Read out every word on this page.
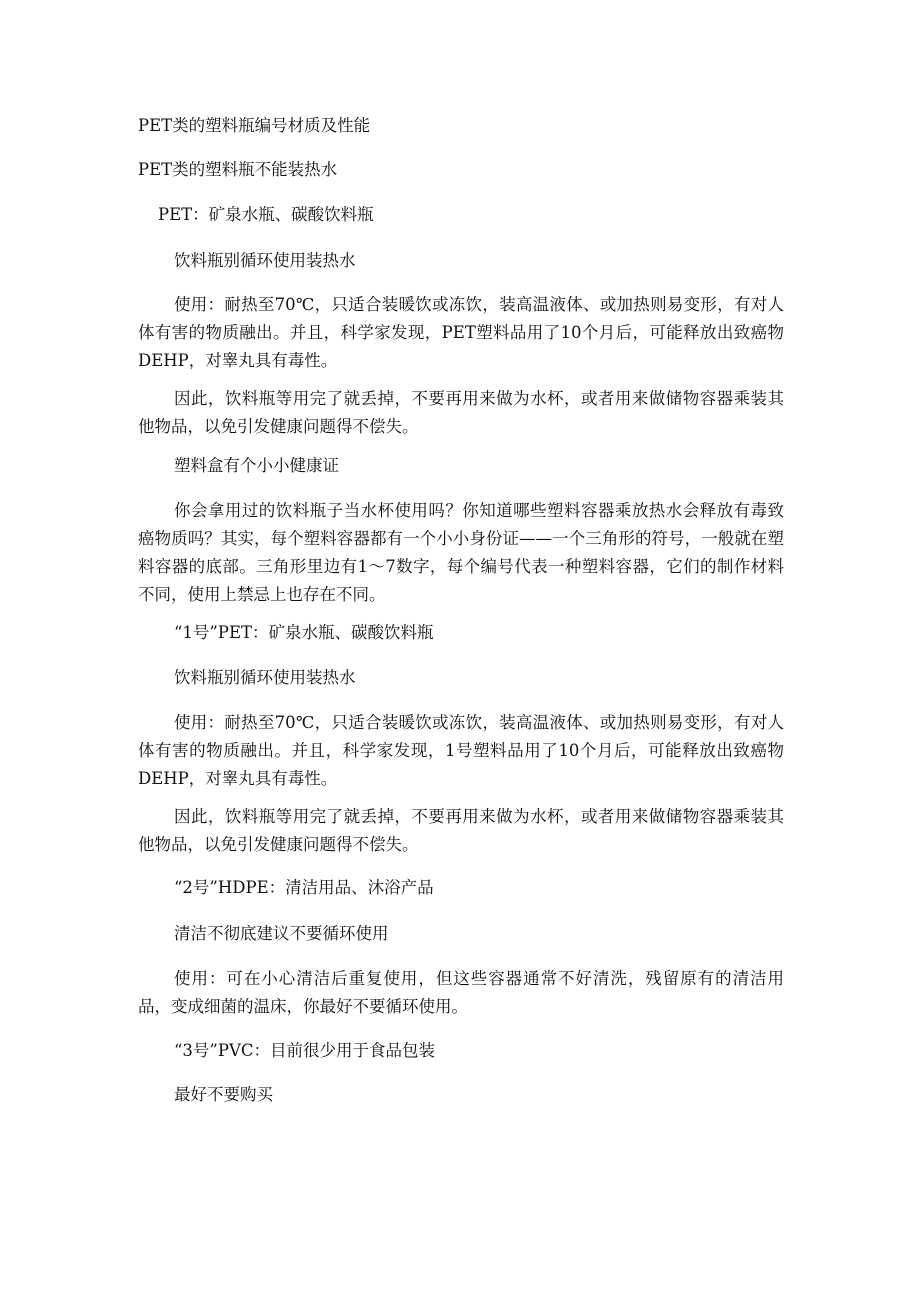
PET类的塑料瓶编号材质及性能

PET类的塑料瓶不能装热水

PET：矿泉水瓶、碳酸饮料瓶

饮料瓶别循环使用装热水

使用：耐热至70℃，只适合装暖饮或冻饮，装高温液体、或加热则易变形，有对人体有害的物质融出。并且，科学家发现，PET塑料品用了10个月后，可能释放出致癌物DEHP，对睾丸具有毒性。

因此，饮料瓶等用完了就丢掉，不要再用来做为水杯，或者用来做储物容器乘装其他物品，以免引发健康问题得不偿失。

塑料盒有个小小健康证

你会拿用过的饮料瓶子当水杯使用吗？你知道哪些塑料容器乘放热水会释放有毒致癌物质吗？其实，每个塑料容器都有一个小小身份证——一个三角形的符号，一般就在塑料容器的底部。三角形里边有1～7数字，每个编号代表一种塑料容器，它们的制作材料不同，使用上禁忌上也存在不同。

“1号”PET：矿泉水瓶、碳酸饮料瓶

饮料瓶别循环使用装热水

使用：耐热至70℃，只适合装暖饮或冻饮，装高温液体、或加热则易变形，有对人体有害的物质融出。并且，科学家发现，1号塑料品用了10个月后，可能释放出致癌物DEHP，对睾丸具有毒性。

因此，饮料瓶等用完了就丢掉，不要再用来做为水杯，或者用来做储物容器乘装其他物品，以免引发健康问题得不偿失。

“2号”HDPE：清洁用品、沐浴产品

清洁不彻底建议不要循环使用

使用：可在小心清洁后重复使用，但这些容器通常不好清洗，残留原有的清洁用品，变成细菌的温床，你最好不要循环使用。

“3号”PVC：目前很少用于食品包装

最好不要购买
